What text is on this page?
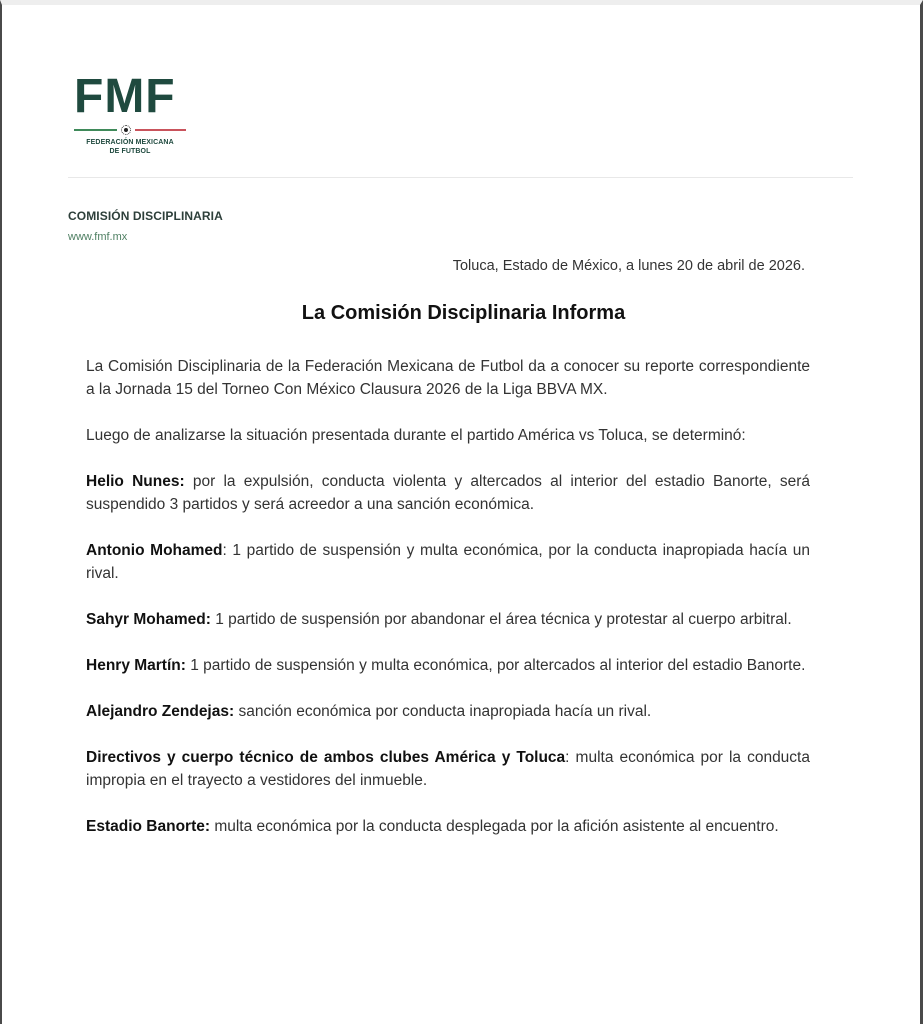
FMF
FEDERACIÓN MEXICANA
DE FUTBOL
COMISIÓN DISCIPLINARIA
www.fmf.mx
Toluca, Estado de México, a lunes 20 de abril de 2026.
La Comisión Disciplinaria Informa

La Comisión Disciplinaria de la Federación Mexicana de Futbol da a conocer su reporte correspondiente a la Jornada 15 del Torneo Con México Clausura 2026 de la Liga BBVA MX.

Luego de analizarse la situación presentada durante el partido América vs Toluca, se determinó:

Helio Nunes: por la expulsión, conducta violenta y altercados al interior del estadio Banorte, será suspendido 3 partidos y será acreedor a una sanción económica.

Antonio Mohamed: 1 partido de suspensión y multa económica, por la conducta inapropiada hacía un rival.

Sahyr Mohamed: 1 partido de suspensión por abandonar el área técnica y protestar al cuerpo arbitral.

Henry Martín: 1 partido de suspensión y multa económica, por altercados al interior del estadio Banorte.

Alejandro Zendejas: sanción económica por conducta inapropiada hacía un rival.

Directivos y cuerpo técnico de ambos clubes América y Toluca: multa económica por la conducta impropia en el trayecto a vestidores del inmueble.

Estadio Banorte: multa económica por la conducta desplegada por la afición asistente al encuentro.
